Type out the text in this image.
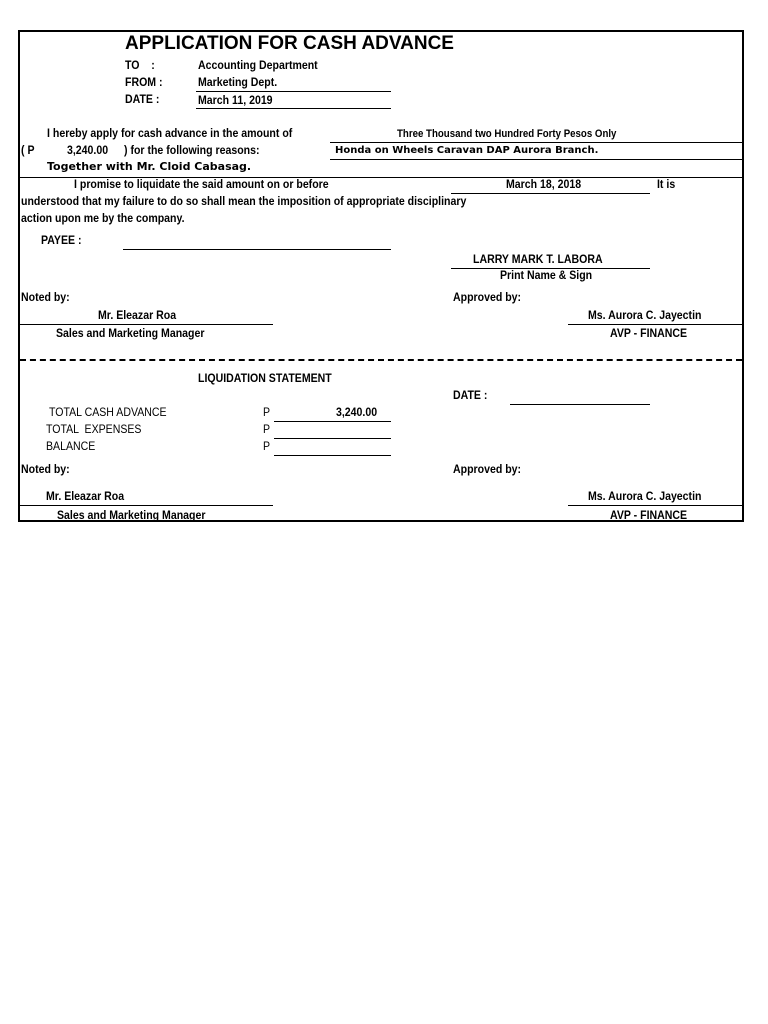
APPLICATION FOR CASH ADVANCE
TO    :	Accounting Department
FROM :	Marketing Dept.
DATE :	March 11, 2019
I hereby apply for cash advance in the amount of	Three Thousand two Hundred Forty Pesos Only
( P	3,240.00 ) for the following reasons:	Honda on Wheels Caravan DAP Aurora Branch.
Together with Mr. Cloid Cabasag.
I promise to liquidate the said amount on or before	March 18, 2018	It is
understood that my failure to do so shall mean the imposition of appropriate disciplinary
action upon me by the company.
PAYEE :
LARRY MARK T. LABORA
Print Name & Sign
Noted by:	Approved by:
Mr. Eleazar Roa
Sales and Marketing Manager
Ms. Aurora C. Jayectin
AVP - FINANCE
LIQUIDATION STATEMENT
DATE :
TOTAL CASH ADVANCE	P	3,240.00
TOTAL  EXPENSES	P
BALANCE	P
Noted by:	Approved by:
Mr. Eleazar Roa
Sales and Marketing Manager
Ms. Aurora C. Jayectin
AVP - FINANCE
